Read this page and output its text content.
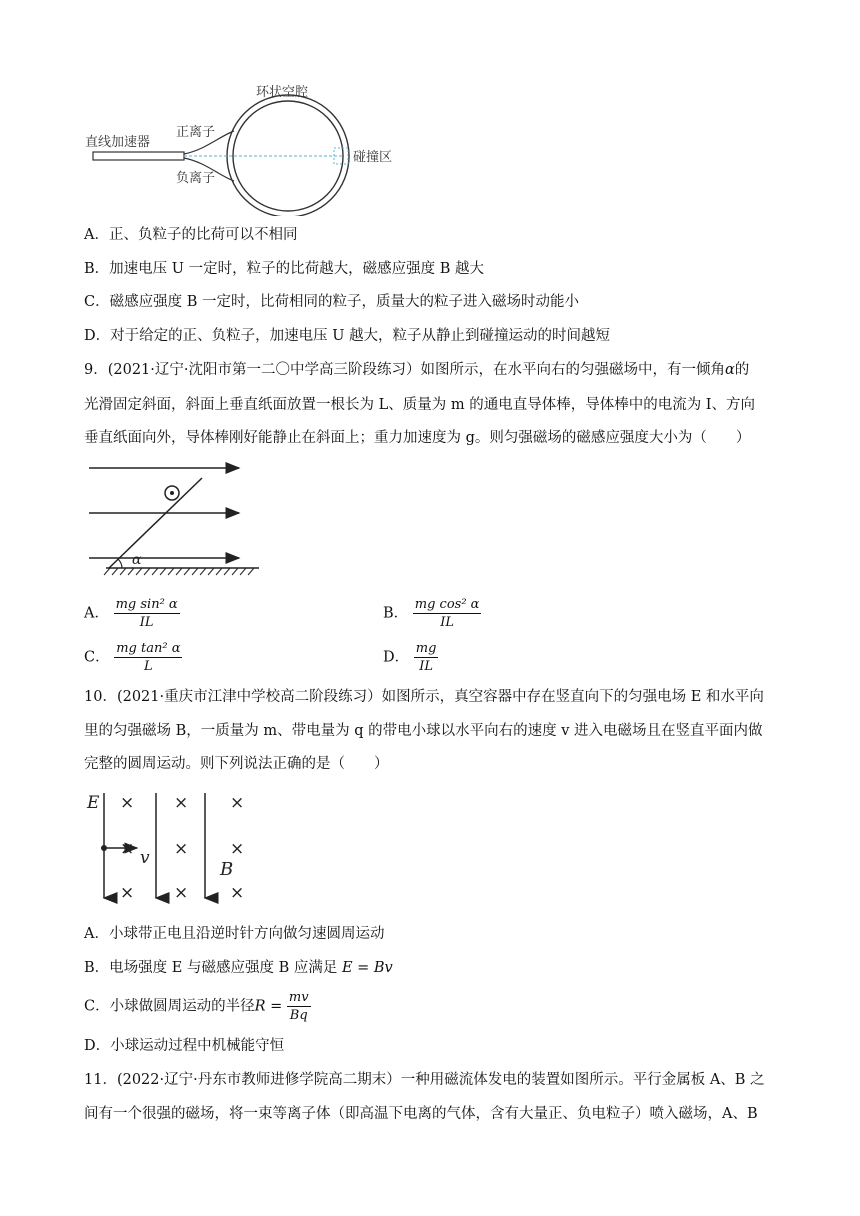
环状空腔
直线加速器
正离子
负离子
碰撞区
A．正、负粒子的比荷可以不相同
B．加速电压 U 一定时，粒子的比荷越大，磁感应强度 B 越大
C．磁感应强度 B 一定时，比荷相同的粒子，质量大的粒子进入磁场时动能小
D．对于给定的正、负粒子，加速电压 U 越大，粒子从静止到碰撞运动的时间越短
9．(2021·辽宁·沈阳市第一二〇中学高三阶段练习）如图所示，在水平向右的匀强磁场中，有一倾角α的
光滑固定斜面，斜面上垂直纸面放置一根长为 L、质量为 m 的通电直导体棒，导体棒中的电流为 I、方向
垂直纸面向外，导体棒刚好能静止在斜面上；重力加速度为 g。则匀强磁场的磁感应强度大小为（　　）
α
A． $\frac{\text{mg sin² α}}{IL}$	B． $\frac{\text{mg cos² α}}{IL}$
C． $\frac{\text{mg tan² α}}{L}$	D． $\frac{mg}{IL}$
10．(2021·重庆市江津中学校高二阶段练习）如图所示，真空容器中存在竖直向下的匀强电场 E 和水平向
里的匀强磁场 B，一质量为 m、带电量为 q 的带电小球以水平向右的速度 v 进入电磁场且在竖直平面内做
完整的圆周运动。则下列说法正确的是（　　）
E
v
B
× × ×
× × ×
× × ×
A．小球带正电且沿逆时针方向做匀速圆周运动
B．电场强度 E 与磁感应强度 B 应满足 E = Bv
C．小球做圆周运动的半径$R = \frac{mv}{Bq}$
D．小球运动过程中机械能守恒
11．(2022·辽宁·丹东市教师进修学院高二期末）一种用磁流体发电的装置如图所示。平行金属板 A、B 之
间有一个很强的磁场，将一束等离子体（即高温下电离的气体，含有大量正、负电粒子）喷入磁场，A、B
